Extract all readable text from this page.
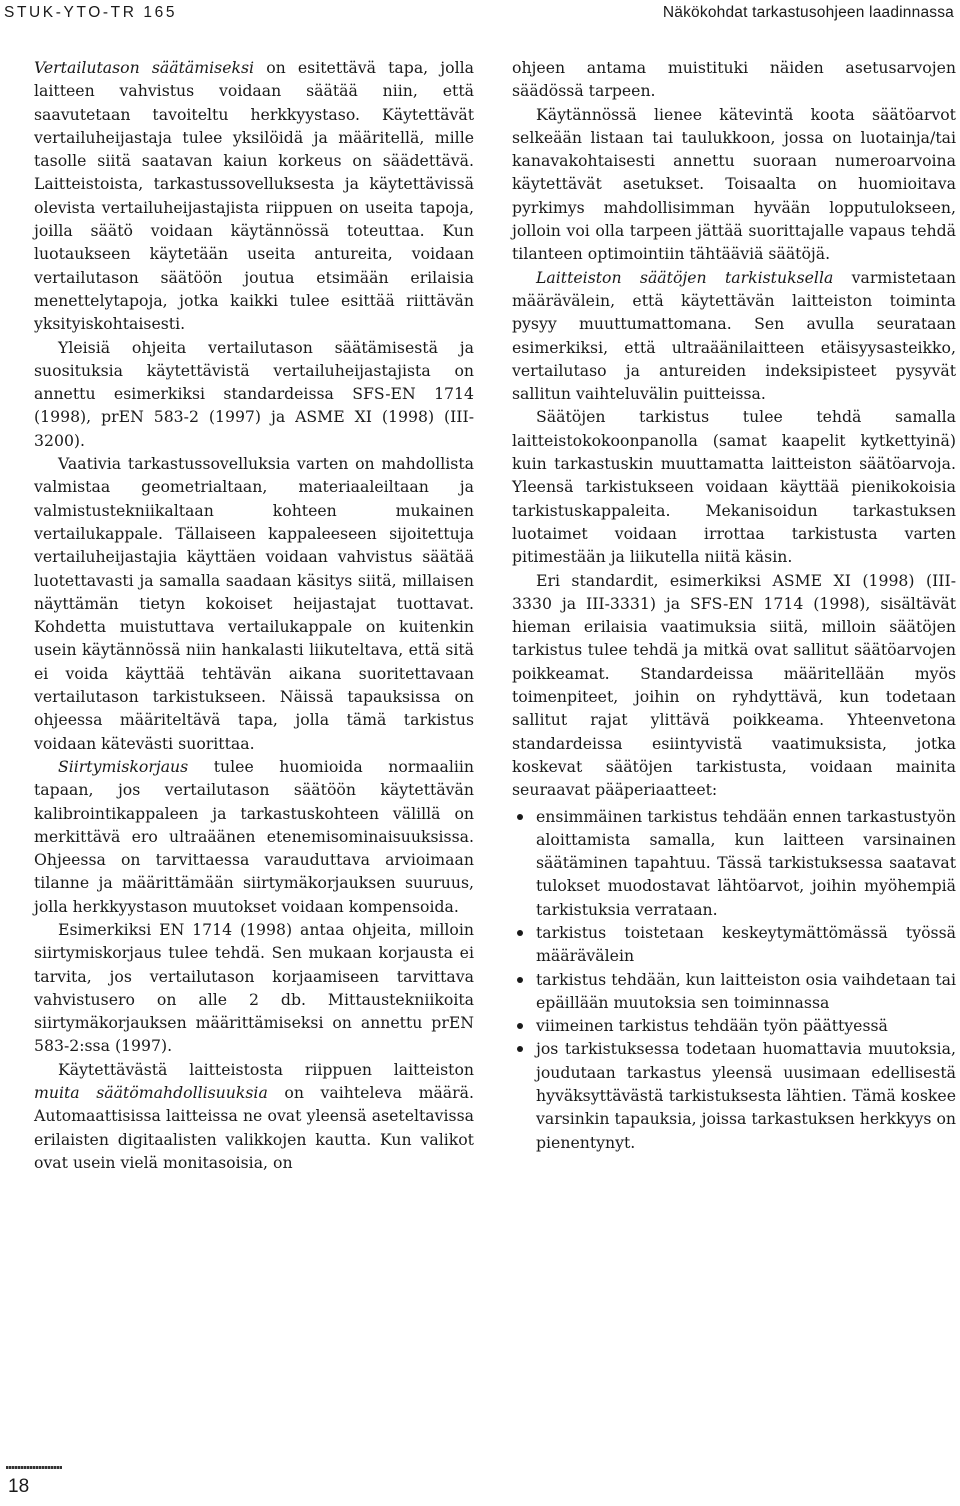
STUK-YTO-TR 165	Näkökohdat tarkastusohjeen laadinnassa

Vertailutason säätämiseksi on esitettävä tapa, jolla laitteen vahvistus voidaan säätää niin, että saavutetaan tavoiteltu herkkyystaso. Käytettävät vertailuheijastaja tulee yksilöidä ja määritellä, mille tasolle siitä saatavan kaiun korkeus on säädettävä. Laitteistoista, tarkastussovelluksesta ja käytettävissä olevista vertailuheijastajista riippuen on useita tapoja, joilla säätö voidaan käytännössä toteuttaa. Kun luotaukseen käytetään useita antureita, voidaan vertailutason säätöön joutua etsimään erilaisia menettelytapoja, jotka kaikki tulee esittää riittävän yksityiskohtaisesti.

Yleisiä ohjeita vertailutason säätämisestä ja suosituksia käytettävistä vertailuheijastajista on annettu esimerkiksi standardeissa SFS-EN 1714 (1998), prEN 583-2 (1997) ja ASME XI (1998) (III-3200).

Vaativia tarkastussovelluksia varten on mahdollista valmistaa geometrialtaan, materiaaleiltaan ja valmistustekniikaltaan kohteen mukainen vertailukappale. Tällaiseen kappaleeseen sijoitettuja vertailuheijastajia käyttäen voidaan vahvistus säätää luotettavasti ja samalla saadaan käsitys siitä, millaisen näyttämän tietyn kokoiset heijastajat tuottavat. Kohdetta muistuttava vertailukappale on kuitenkin usein käytännössä niin hankalasti liikuteltava, että sitä ei voida käyttää tehtävän aikana suoritettavaan vertailutason tarkistukseen. Näissä tapauksissa on ohjeessa määriteltävä tapa, jolla tämä tarkistus voidaan kätevästi suorittaa.

Siirtymiskorjaus tulee huomioida normaaliin tapaan, jos vertailutason säätöön käytettävän kalibrointikappaleen ja tarkastuskohteen välillä on merkittävä ero ultraäänen etenemisominaisuuksissa. Ohjeessa on tarvittaessa varauduttava arvioimaan tilanne ja määrittämään siirtymäkorjauksen suuruus, jolla herkkyystason muutokset voidaan kompensoida.

Esimerkiksi EN 1714 (1998) antaa ohjeita, milloin siirtymiskorjaus tulee tehdä. Sen mukaan korjausta ei tarvita, jos vertailutason korjaamiseen tarvittava vahvistusero on alle 2 db. Mittaustekniikoita siirtymäkorjauksen määrittämiseksi on annettu prEN 583-2:ssa (1997).

Käytettävästä laitteistosta riippuen laitteiston muita säätömahdollisuuksia on vaihteleva määrä. Automaattisissa laitteissa ne ovat yleensä aseteltavissa erilaisten digitaalisten valikkojen kautta. Kun valikot ovat usein vielä monitasoisia, on

ohjeen antama muistituki näiden asetusarvojen säädössä tarpeen.

Käytännössä lienee kätevintä koota säätöarvot selkeään listaan tai taulukkoon, jossa on luotainja/tai kanavakohtaisesti annettu suoraan numeroarvoina käytettävät asetukset. Toisaalta on huomioitava pyrkimys mahdollisimman hyvään lopputulokseen, jolloin voi olla tarpeen jättää suorittajalle vapaus tehdä tilanteen optimointiin tähtääviä säätöjä.

Laitteiston säätöjen tarkistuksella varmistetaan määrävälein, että käytettävän laitteiston toiminta pysyy muuttumattomana. Sen avulla seurataan esimerkiksi, että ultraäänilaitteen etäisyysasteikko, vertailutaso ja antureiden indeksipisteet pysyvät sallitun vaihteluvälin puitteissa.

Säätöjen tarkistus tulee tehdä samalla laitteistokokoonpanolla (samat kaapelit kytkettyinä) kuin tarkastuskin muuttamatta laitteiston säätöarvoja. Yleensä tarkistukseen voidaan käyttää pienikokoisia tarkistuskappaleita. Mekanisoidun tarkastuksen luotaimet voidaan irrottaa tarkistusta varten pitimestään ja liikutella niitä käsin.

Eri standardit, esimerkiksi ASME XI (1998) (III-3330 ja III-3331) ja SFS-EN 1714 (1998), sisältävät hieman erilaisia vaatimuksia siitä, milloin säätöjen tarkistus tulee tehdä ja mitkä ovat sallitut säätöarvojen poikkeamat. Standardeissa määritellään myös toimenpiteet, joihin on ryhdyttävä, kun todetaan sallitut rajat ylittävä poikkeama. Yhteenvetona standardeissa esiintyvistä vaatimuksista, jotka koskevat säätöjen tarkistusta, voidaan mainita seuraavat pääperiaatteet:

ensimmäinen tarkistus tehdään ennen tarkastustyön aloittamista samalla, kun laitteen varsinainen säätäminen tapahtuu. Tässä tarkistuksessa saatavat tulokset muodostavat lähtöarvot, joihin myöhempiä tarkistuksia verrataan.
tarkistus toistetaan keskeytymättömässä työssä määrävälein
tarkistus tehdään, kun laitteiston osia vaihdetaan tai epäillään muutoksia sen toiminnassa
viimeinen tarkistus tehdään työn päättyessä
jos tarkistuksessa todetaan huomattavia muutoksia, joudutaan tarkastus yleensä uusimaan edellisestä hyväksyttävästä tarkistuksesta lähtien. Tämä koskee varsinkin tapauksia, joissa tarkastuksen herkkyys on pienentynyt.
18
